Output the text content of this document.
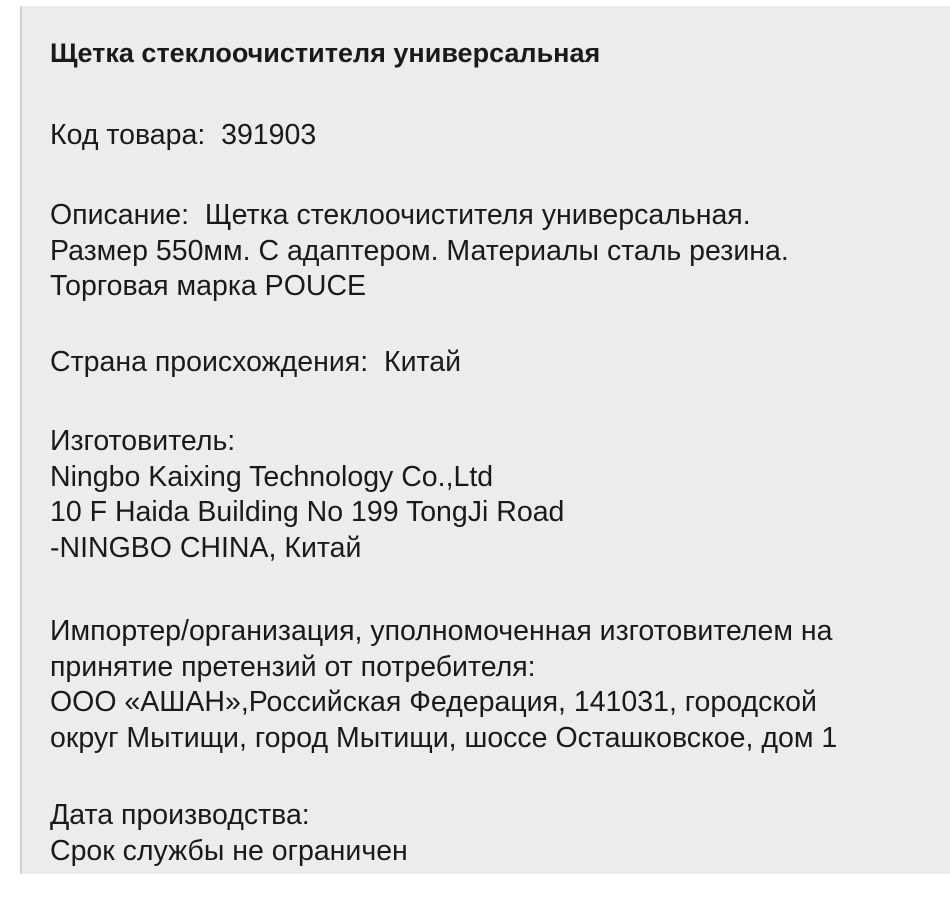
Щетка стеклоочистителя универсальная
Код товара: 391903
Описание: Щетка стеклоочистителя универсальная.
Размер 550мм. С адаптером. Материалы сталь резина.
Торговая марка POUCE
Страна происхождения: Китай
Изготовитель:
Ningbo Kaixing Technology Co.,Ltd
10 F Haida Building No 199 TongJi Road
-NINGBO CHINA, Китай
Импортер/организация, уполномоченная изготовителем на
принятие претензий от потребителя:
ООО «АШАН»,Российская Федерация, 141031, городской
округ Мытищи, город Мытищи, шоссе Осташковское, дом 1
Дата производства:
Срок службы не ограничен
